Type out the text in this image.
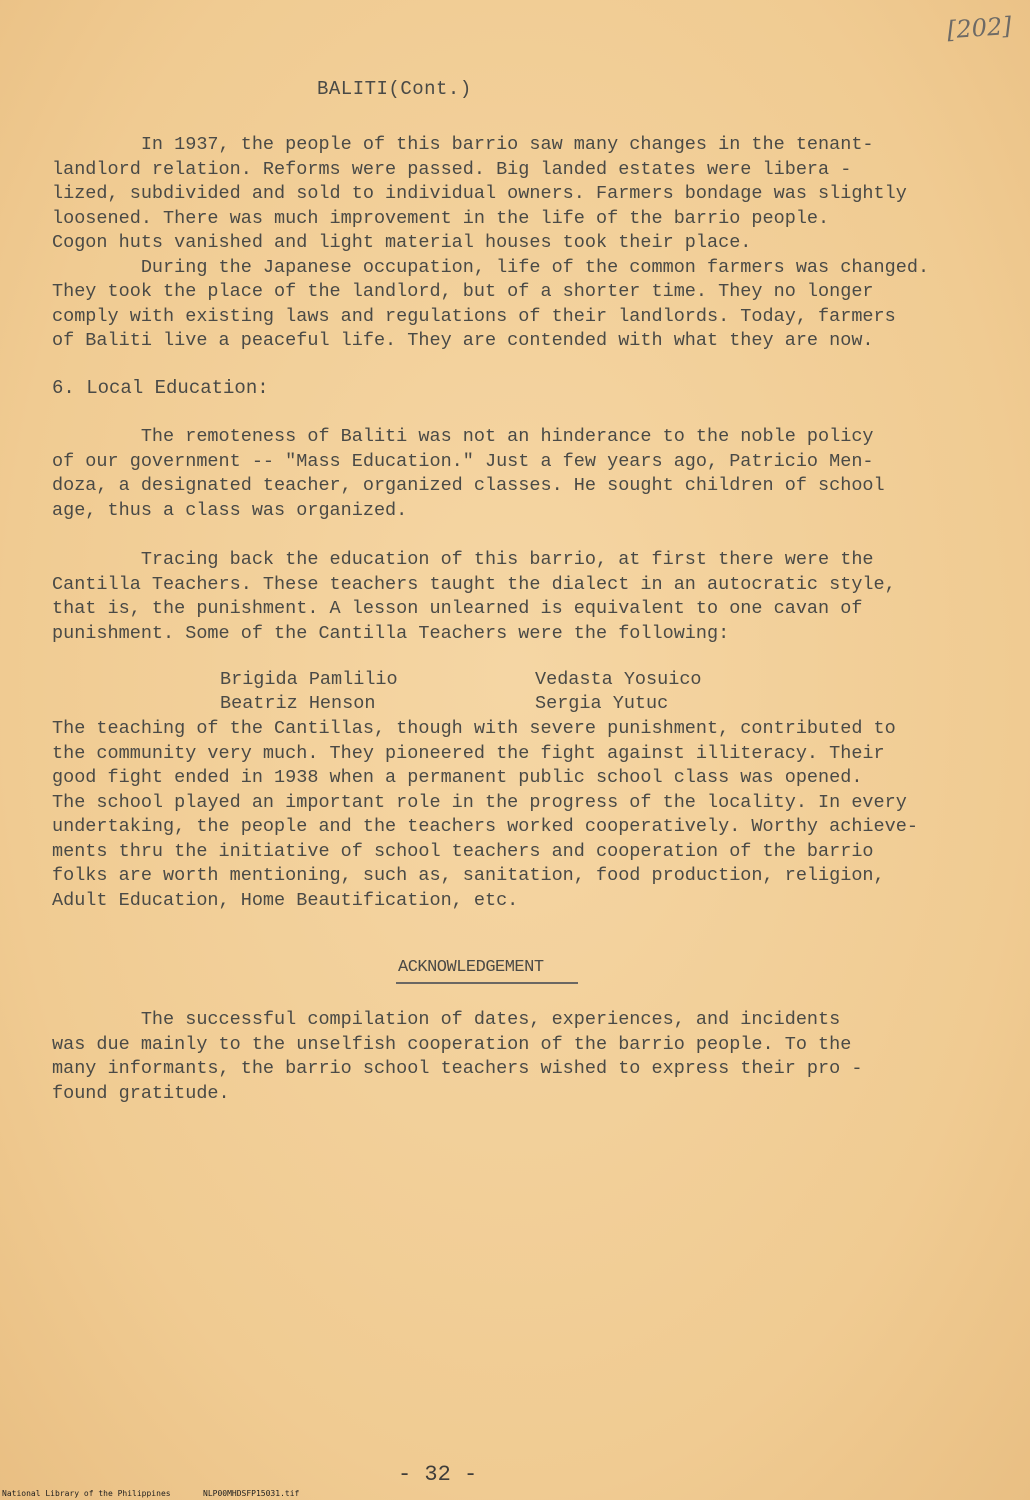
[202]
BALITI(Cont.)
In 1937, the people of this barrio saw many changes in the tenant-
landlord relation. Reforms were passed. Big landed estates were libera -
lized, subdivided and sold to individual owners. Farmers bondage was slightly
loosened. There was much improvement in the life of the barrio people.
Cogon huts vanished and light material houses took their place.
During the Japanese occupation, life of the common farmers was changed.
They took the place of the landlord, but of a shorter time. They no longer
comply with existing laws and regulations of their landlords. Today, farmers
of Baliti live a peaceful life. They are contended with what they are now.
6. Local Education:
The remoteness of Baliti was not an hinderance to the noble policy
of our government -- "Mass Education." Just a few years ago, Patricio Men-
doza, a designated teacher, organized classes. He sought children of school
age, thus a class was organized.
Tracing back the education of this barrio, at first there were the
Cantilla Teachers. These teachers taught the dialect in an autocratic style,
that is, the punishment. A lesson unlearned is equivalent to one cavan of
punishment. Some of the Cantilla Teachers were the following:
Brigida Pamlilio	Vedasta Yosuico
Beatriz Henson	Sergia Yutuc
The teaching of the Cantillas, though with severe punishment, contributed to
the community very much. They pioneered the fight against illiteracy. Their
good fight ended in 1938 when a permanent public school class was opened.
The school played an important role in the progress of the locality. In every
undertaking, the people and the teachers worked cooperatively. Worthy achieve-
ments thru the initiative of school teachers and cooperation of the barrio
folks are worth mentioning, such as, sanitation, food production, religion,
Adult Education, Home Beautification, etc.
ACKNOWLEDGEMENT
The successful compilation of dates, experiences, and incidents
was due mainly to the unselfish cooperation of the barrio people. To the
many informants, the barrio school teachers wished to express their pro -
found gratitude.
- 32 -
National Library of the Philippines	NLP00MHDSFP15031.tif
